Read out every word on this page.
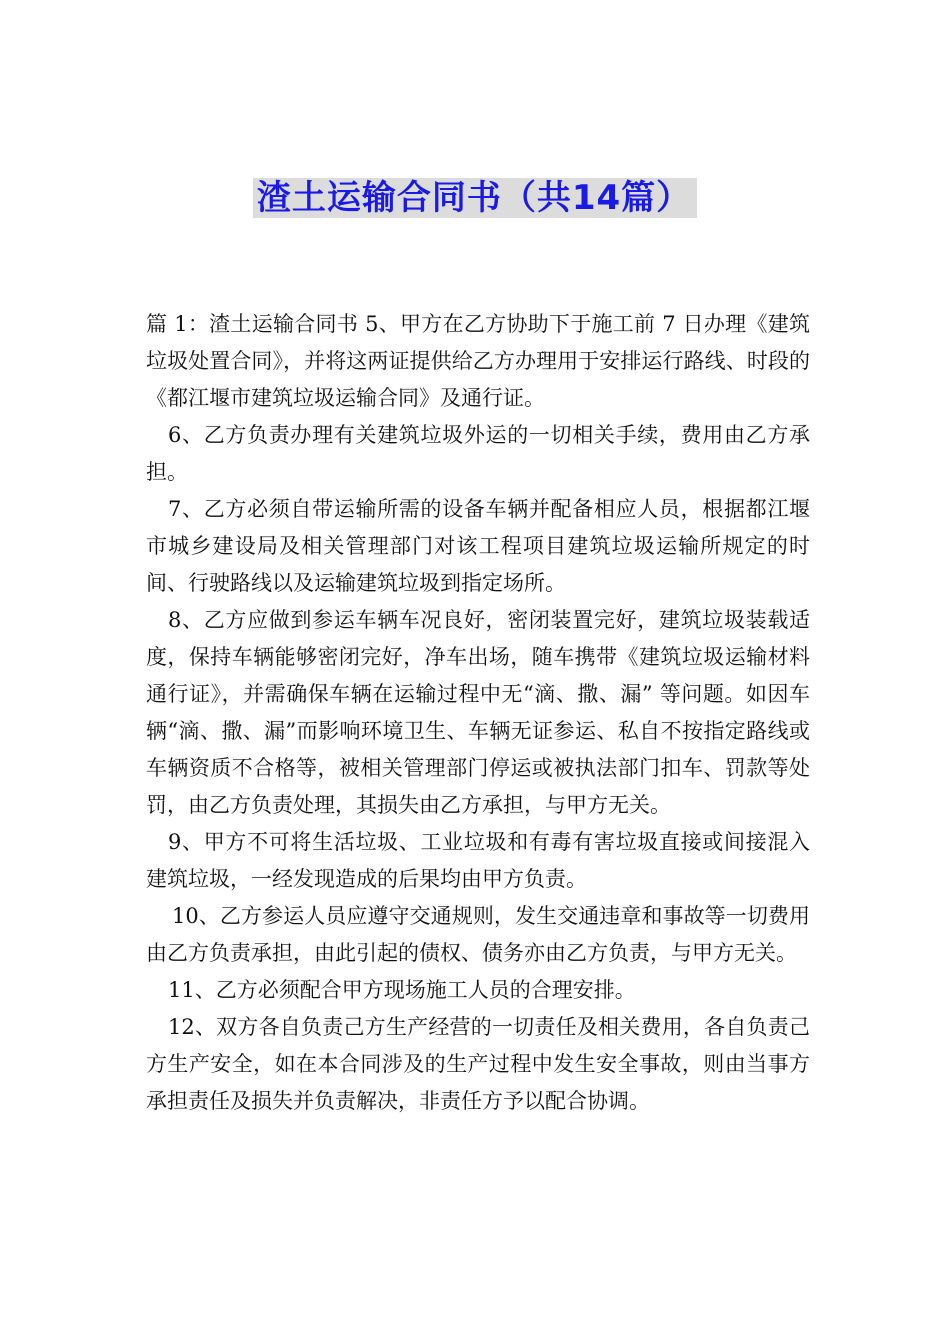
渣土运输合同书（共14篇）

篇 1：渣土运输合同书 5、甲方在乙方协助下于施工前 7 日办理《建筑垃圾处置合同》，并将这两证提供给乙方办理用于安排运行路线、时段的《都江堰市建筑垃圾运输合同》及通行证。

6、乙方负责办理有关建筑垃圾外运的一切相关手续，费用由乙方承担。

7、乙方必须自带运输所需的设备车辆并配备相应人员，根据都江堰市城乡建设局及相关管理部门对该工程项目建筑垃圾运输所规定的时间、行驶路线以及运输建筑垃圾到指定场所。

8、乙方应做到参运车辆车况良好，密闭装置完好，建筑垃圾装载适度，保持车辆能够密闭完好，净车出场，随车携带《建筑垃圾运输材料通行证》，并需确保车辆在运输过程中无“滴、撒、漏” 等问题。如因车辆“滴、撒、漏”而影响环境卫生、车辆无证参运、私自不按指定路线或车辆资质不合格等，被相关管理部门停运或被执法部门扣车、罚款等处罚，由乙方负责处理，其损失由乙方承担，与甲方无关。

9、甲方不可将生活垃圾、工业垃圾和有毒有害垃圾直接或间接混入建筑垃圾，一经发现造成的后果均由甲方负责。

10、乙方参运人员应遵守交通规则，发生交通违章和事故等一切费用由乙方负责承担，由此引起的债权、债务亦由乙方负责，与甲方无关。

11、乙方必须配合甲方现场施工人员的合理安排。

12、双方各自负责己方生产经营的一切责任及相关费用，各自负责己方生产安全，如在本合同涉及的生产过程中发生安全事故，则由当事方承担责任及损失并负责解决，非责任方予以配合协调。
